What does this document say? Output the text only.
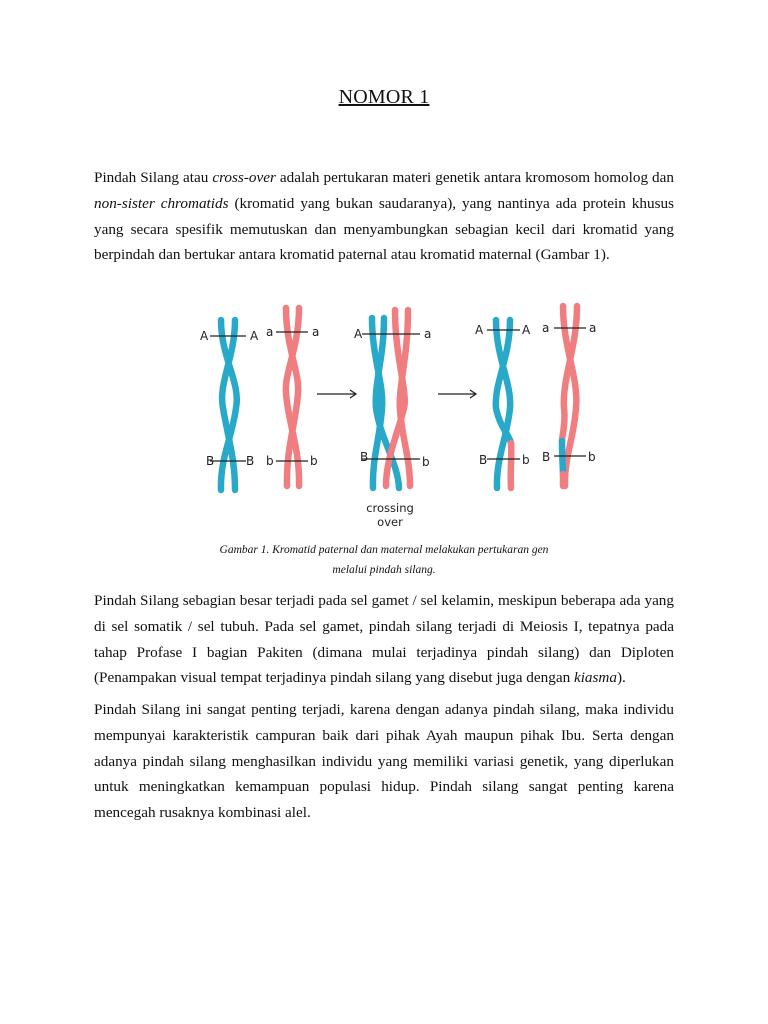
NOMOR 1

Pindah Silang atau cross-over adalah pertukaran materi genetik antara kromosom homolog dan non-sister chromatids (kromatid yang bukan saudaranya), yang nantinya ada protein khusus yang secara spesifik memutuskan dan menyambungkan sebagian kecil dari kromatid yang berpindah dan bertukar antara kromatid paternal atau kromatid maternal (Gambar 1).

A	A a	a
B	B b	b
A	a
B	b
A	A a	a
B	b B	b
crossing
over
Gambar 1. Kromatid paternal dan maternal melakukan pertukaran gen
melalui pindah silang.

Pindah Silang sebagian besar terjadi pada sel gamet / sel kelamin, meskipun beberapa ada yang di sel somatik / sel tubuh. Pada sel gamet, pindah silang terjadi di Meiosis I, tepatnya pada tahap Profase I bagian Pakiten (dimana mulai terjadinya pindah silang) dan Diploten (Penampakan visual tempat terjadinya pindah silang yang disebut juga dengan kiasma).

Pindah Silang ini sangat penting terjadi, karena dengan adanya pindah silang, maka individu mempunyai karakteristik campuran baik dari pihak Ayah maupun pihak Ibu. Serta dengan adanya pindah silang menghasilkan individu yang memiliki variasi genetik, yang diperlukan untuk meningkatkan kemampuan populasi hidup. Pindah silang sangat penting karena mencegah rusaknya kombinasi alel.
